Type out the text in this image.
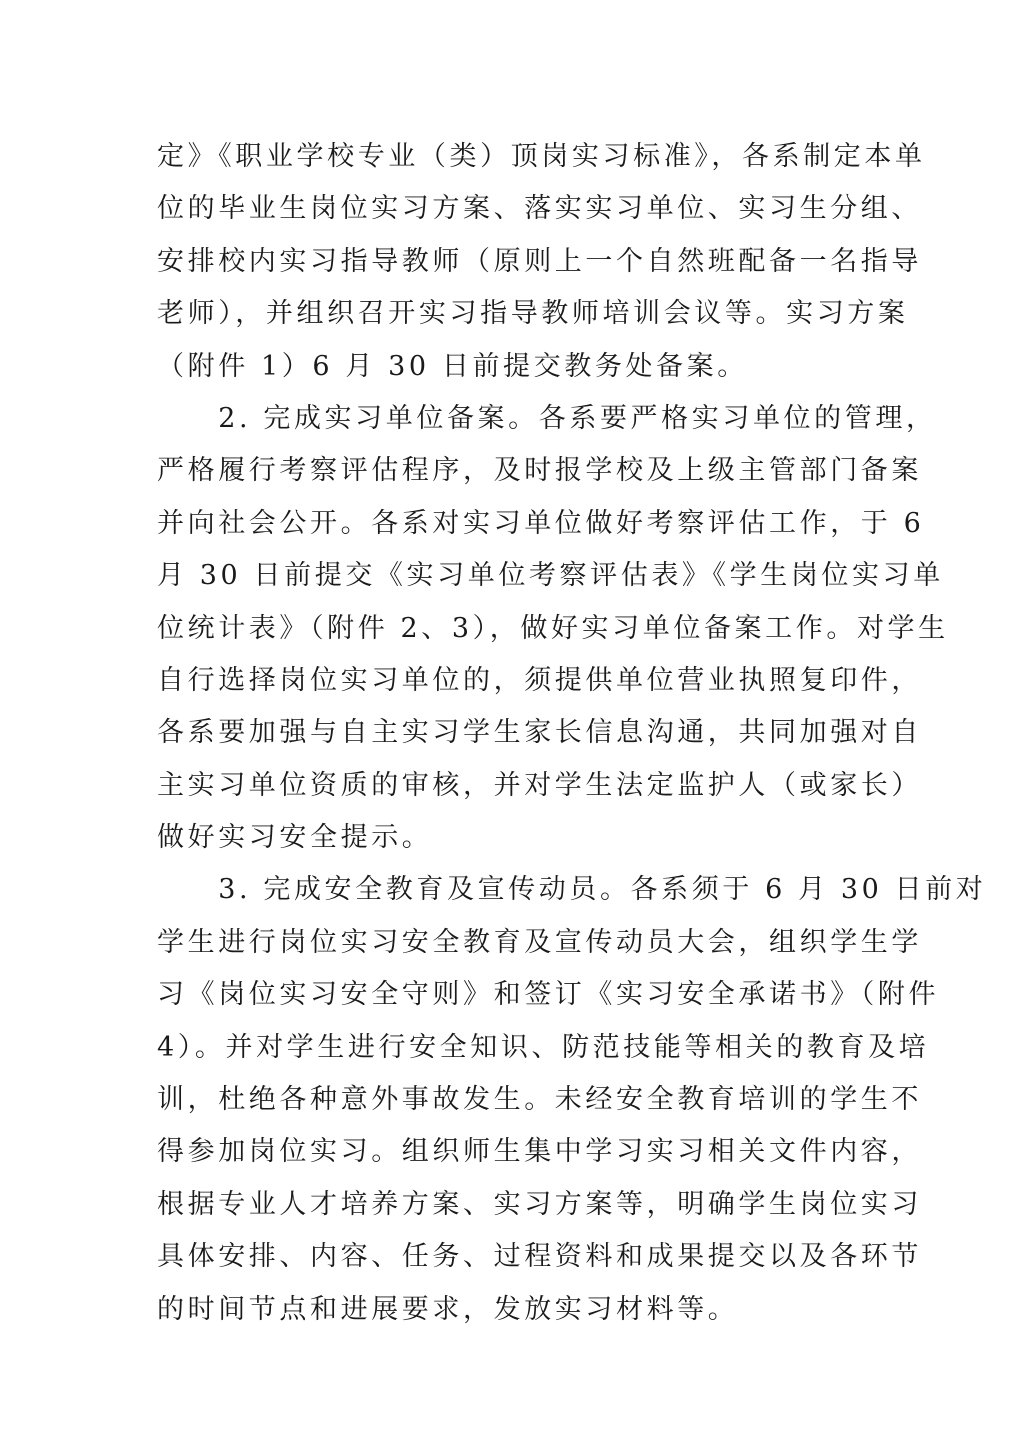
定》《职业学校专业（类）顶岗实习标准》，各系制定本单
位的毕业生岗位实习方案、落实实习单位、实习生分组、
安排校内实习指导教师（原则上一个自然班配备一名指导
老师），并组织召开实习指导教师培训会议等。实习方案
（附件 1）6 月 30 日前提交教务处备案。
　　2. 完成实习单位备案。各系要严格实习单位的管理，
严格履行考察评估程序，及时报学校及上级主管部门备案
并向社会公开。各系对实习单位做好考察评估工作，于 6
月 30 日前提交《实习单位考察评估表》《学生岗位实习单
位统计表》（附件 2、3），做好实习单位备案工作。对学生
自行选择岗位实习单位的，须提供单位营业执照复印件，
各系要加强与自主实习学生家长信息沟通，共同加强对自
主实习单位资质的审核，并对学生法定监护人（或家长）
做好实习安全提示。
　　3. 完成安全教育及宣传动员。各系须于 6 月 30 日前对
学生进行岗位实习安全教育及宣传动员大会，组织学生学
习《岗位实习安全守则》和签订《实习安全承诺书》（附件
4）。并对学生进行安全知识、防范技能等相关的教育及培
训，杜绝各种意外事故发生。未经安全教育培训的学生不
得参加岗位实习。组织师生集中学习实习相关文件内容，
根据专业人才培养方案、实习方案等，明确学生岗位实习
具体安排、内容、任务、过程资料和成果提交以及各环节
的时间节点和进展要求，发放实习材料等。
